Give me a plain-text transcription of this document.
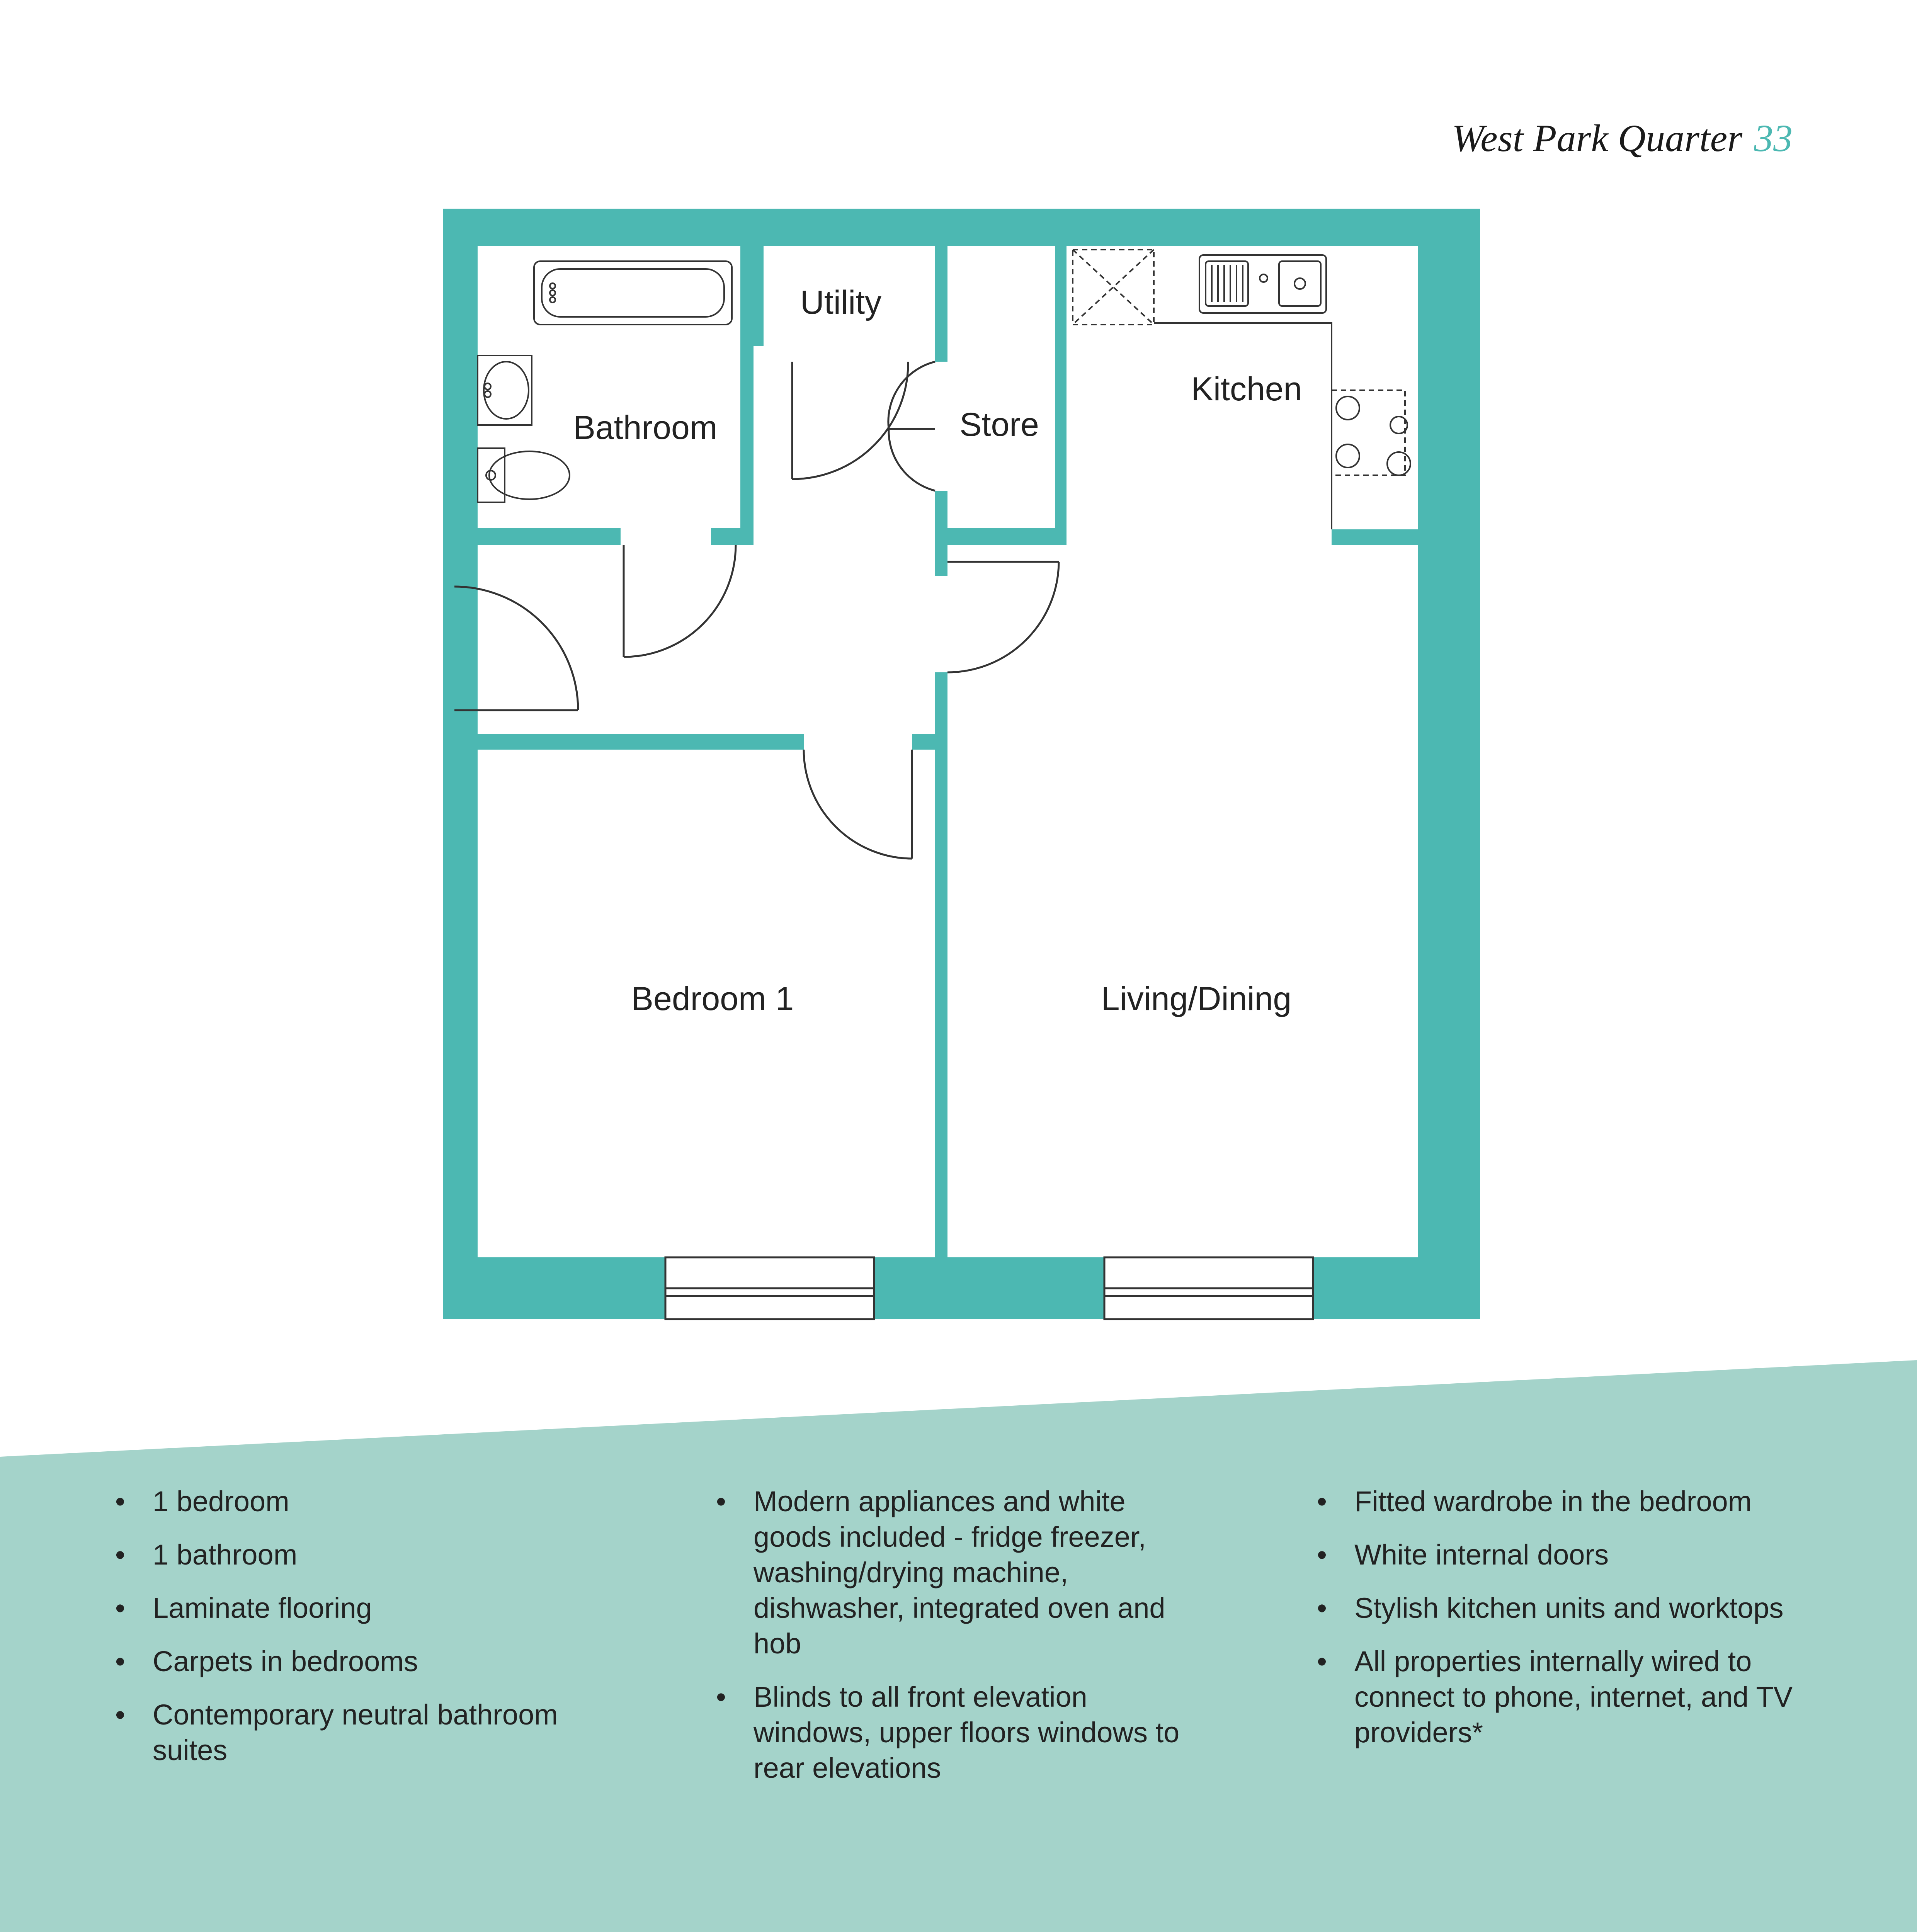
West Park Quarter 33
Utility
Bathroom	Store
Kitchen
Bedroom 1	Living/Dining
• 1 bedroom
• 1 bathroom
• Laminate flooring
• Carpets in bedrooms
• Contemporary neutral bathroom suites
• Modern appliances and white goods included - fridge freezer, washing/drying machine, dishwasher, integrated oven and hob
• Blinds to all front elevation windows, upper floors windows to rear elevations
• Fitted wardrobe in the bedroom
• White internal doors
• Stylish kitchen units and worktops
• All properties internally wired to connect to phone, internet, and TV providers*
